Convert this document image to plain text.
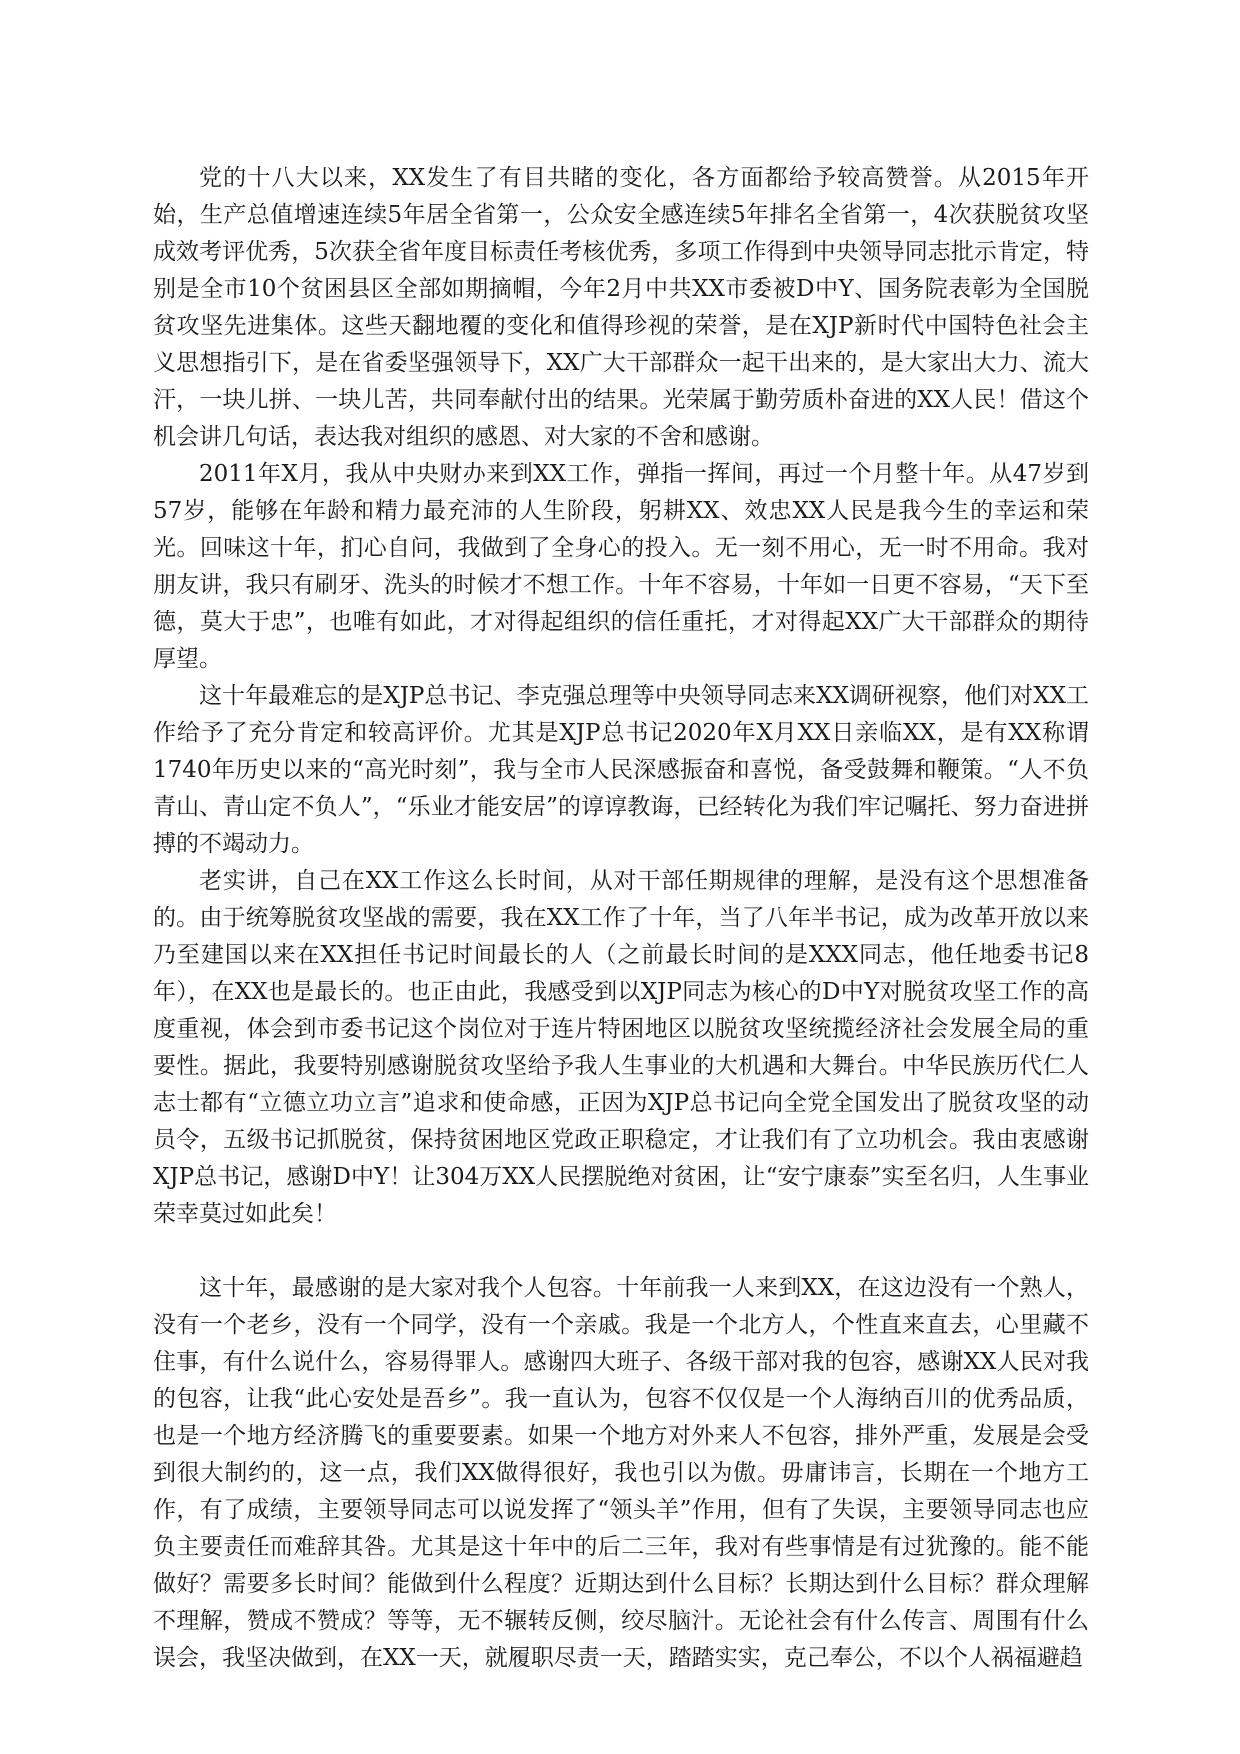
党的十八大以来，XX发生了有目共睹的变化，各方面都给予较高赞誉。从2015年开始，生产总值增速连续5年居全省第一，公众安全感连续5年排名全省第一，4次获脱贫攻坚成效考评优秀，5次获全省年度目标责任考核优秀，多项工作得到中央领导同志批示肯定，特别是全市10个贫困县区全部如期摘帽，今年2月中共XX市委被D中Y、国务院表彰为全国脱贫攻坚先进集体。这些天翻地覆的变化和值得珍视的荣誉，是在XJP新时代中国特色社会主义思想指引下，是在省委坚强领导下，XX广大干部群众一起干出来的，是大家出大力、流大汗，一块儿拼、一块儿苦，共同奉献付出的结果。光荣属于勤劳质朴奋进的XX人民！借这个机会讲几句话，表达我对组织的感恩、对大家的不舍和感谢。

2011年X月，我从中央财办来到XX工作，弹指一挥间，再过一个月整十年。从47岁到57岁，能够在年龄和精力最充沛的人生阶段，躬耕XX、效忠XX人民是我今生的幸运和荣光。回味这十年，扪心自问，我做到了全身心的投入。无一刻不用心，无一时不用命。我对朋友讲，我只有刷牙、洗头的时候才不想工作。十年不容易，十年如一日更不容易，“天下至德，莫大于忠”，也唯有如此，才对得起组织的信任重托，才对得起XX广大干部群众的期待厚望。

这十年最难忘的是XJP总书记、李克强总理等中央领导同志来XX调研视察，他们对XX工作给予了充分肯定和较高评价。尤其是XJP总书记2020年X月XX日亲临XX，是有XX称谓1740年历史以来的“高光时刻”，我与全市人民深感振奋和喜悦，备受鼓舞和鞭策。“人不负青山、青山定不负人”，“乐业才能安居”的谆谆教诲，已经转化为我们牢记嘱托、努力奋进拼搏的不竭动力。

老实讲，自己在XX工作这么长时间，从对干部任期规律的理解，是没有这个思想准备的。由于统筹脱贫攻坚战的需要，我在XX工作了十年，当了八年半书记，成为改革开放以来乃至建国以来在XX担任书记时间最长的人（之前最长时间的是XXX同志，他任地委书记8年），在XX也是最长的。也正由此，我感受到以XJP同志为核心的D中Y对脱贫攻坚工作的高度重视，体会到市委书记这个岗位对于连片特困地区以脱贫攻坚统揽经济社会发展全局的重要性。据此，我要特别感谢脱贫攻坚给予我人生事业的大机遇和大舞台。中华民族历代仁人志士都有“立德立功立言”追求和使命感，正因为XJP总书记向全党全国发出了脱贫攻坚的动员令，五级书记抓脱贫，保持贫困地区党政正职稳定，才让我们有了立功机会。我由衷感谢XJP总书记，感谢D中Y！让304万XX人民摆脱绝对贫困，让“安宁康泰”实至名归，人生事业荣幸莫过如此矣！

这十年，最感谢的是大家对我个人包容。十年前我一人来到XX，在这边没有一个熟人，没有一个老乡，没有一个同学，没有一个亲戚。我是一个北方人，个性直来直去，心里藏不住事，有什么说什么，容易得罪人。感谢四大班子、各级干部对我的包容，感谢XX人民对我的包容，让我“此心安处是吾乡”。我一直认为，包容不仅仅是一个人海纳百川的优秀品质，也是一个地方经济腾飞的重要要素。如果一个地方对外来人不包容，排外严重，发展是会受到很大制约的，这一点，我们XX做得很好，我也引以为傲。毋庸讳言，长期在一个地方工作，有了成绩，主要领导同志可以说发挥了“领头羊”作用，但有了失误，主要领导同志也应负主要责任而难辞其咎。尤其是这十年中的后二三年，我对有些事情是有过犹豫的。能不能做好？需要多长时间？能做到什么程度？近期达到什么目标？长期达到什么目标？群众理解不理解，赞成不赞成？等等，无不辗转反侧，绞尽脑汁。无论社会有什么传言、周围有什么误会，我坚决做到，在XX一天，就履职尽责一天，踏踏实实，克己奉公，不以个人祸福避趋
